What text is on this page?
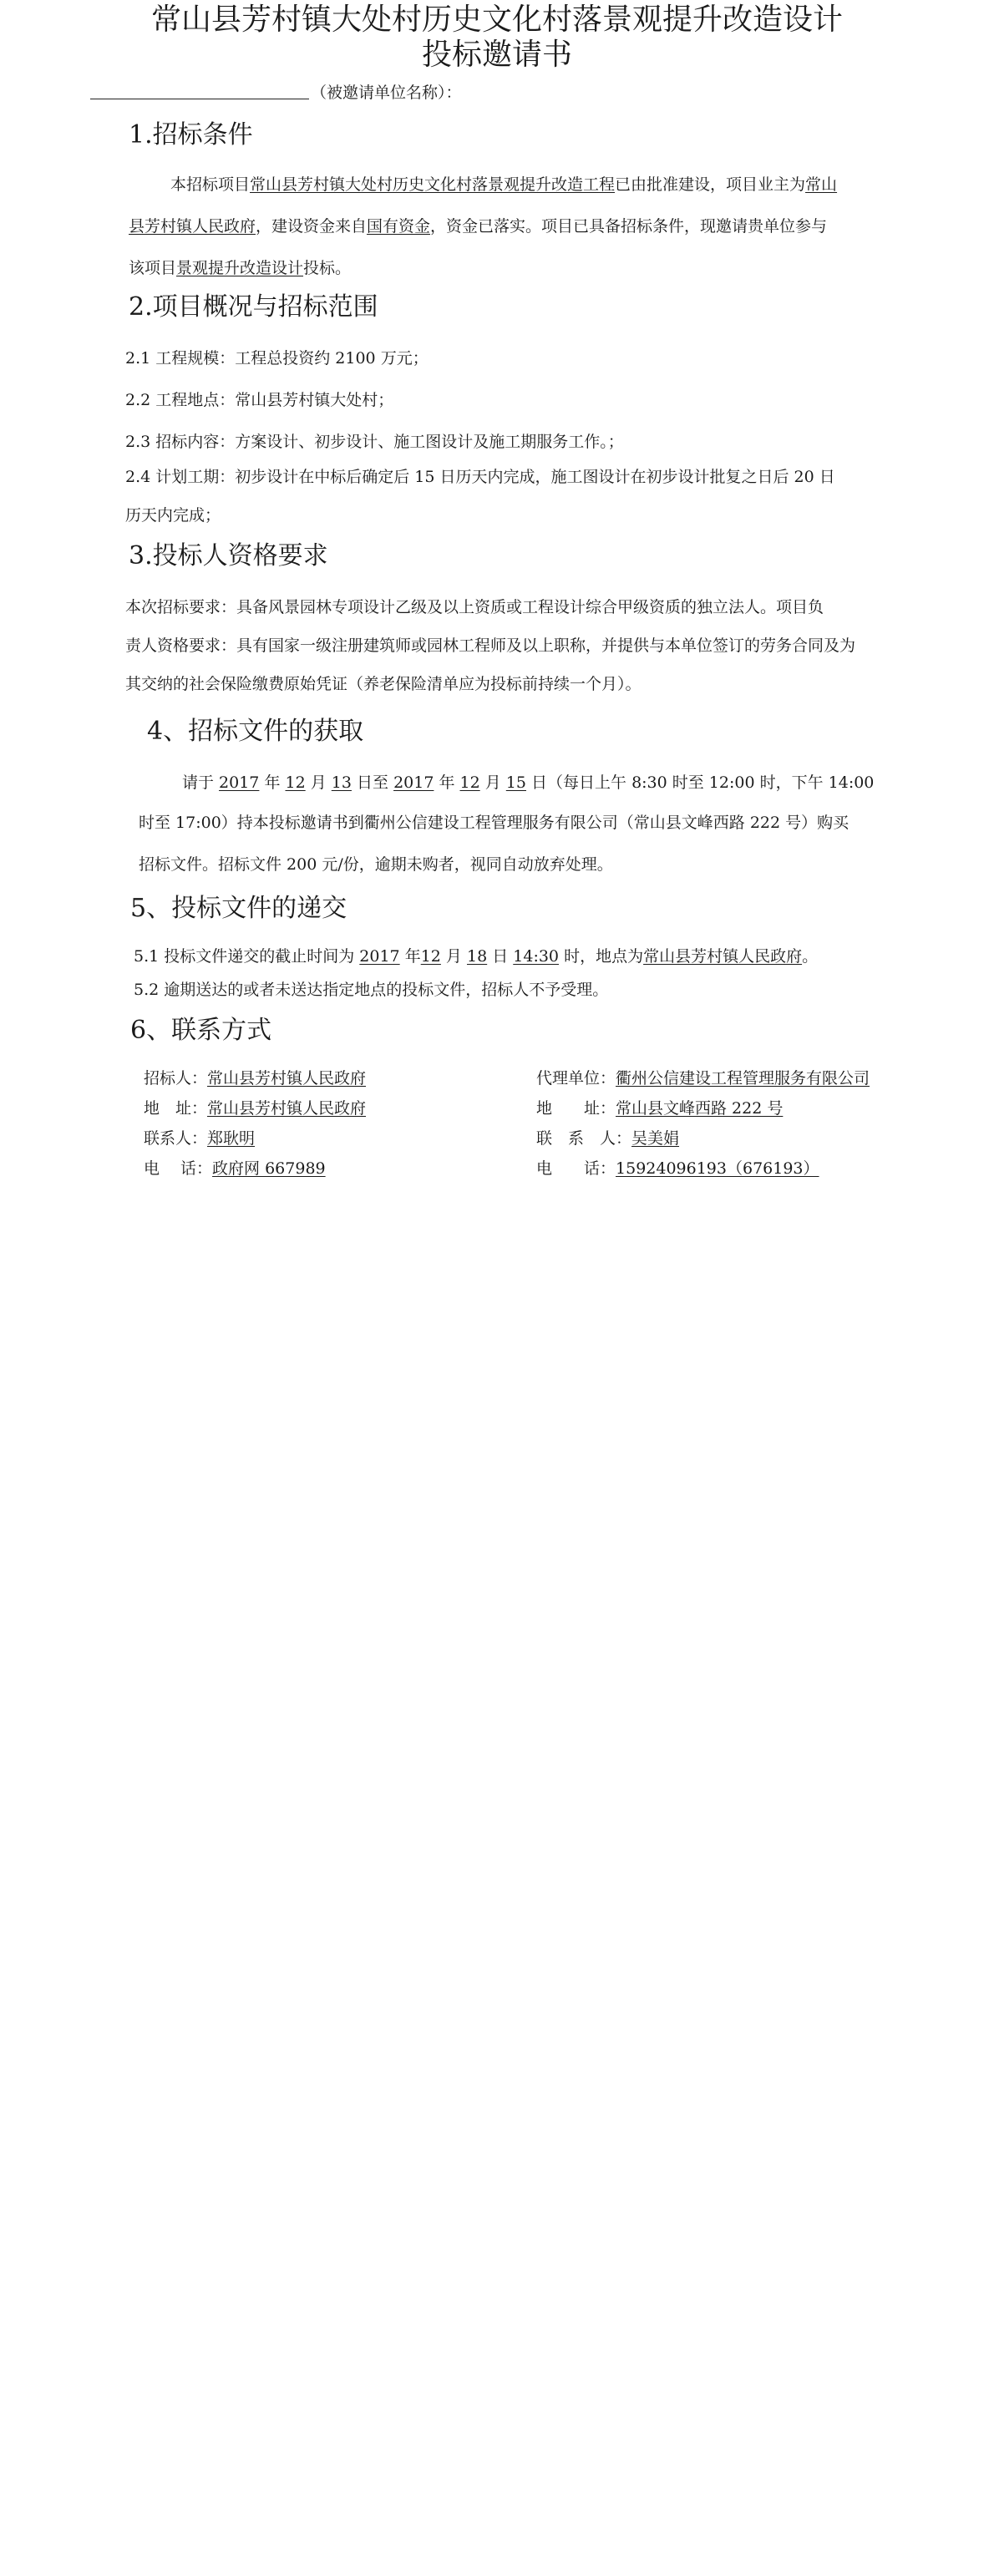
常山县芳村镇大处村历史文化村落景观提升改造设计
投标邀请书
（被邀请单位名称）：
1.招标条件
本招标项目常山县芳村镇大处村历史文化村落景观提升改造工程已由批准建设，项目业主为常山
县芳村镇人民政府，建设资金来自国有资金，资金已落实。项目已具备招标条件，现邀请贵单位参与
该项目景观提升改造设计投标。
2.项目概况与招标范围
2.1 工程规模：工程总投资约 2100 万元；
2.2 工程地点：常山县芳村镇大处村；
2.3 招标内容：方案设计、初步设计、施工图设计及施工期服务工作。；
2.4 计划工期：初步设计在中标后确定后 15 日历天内完成，施工图设计在初步设计批复之日后 20 日
历天内完成；
3.投标人资格要求
本次招标要求：具备风景园林专项设计乙级及以上资质或工程设计综合甲级资质的独立法人。项目负
责人资格要求：具有国家一级注册建筑师或园林工程师及以上职称，并提供与本单位签订的劳务合同及为
其交纳的社会保险缴费原始凭证（养老保险清单应为投标前持续一个月）。
4、招标文件的获取
请于 2017 年 12 月 13 日至 2017 年 12 月 15 日（每日上午 8:30 时至 12:00 时，下午 14:00
时至 17:00）持本投标邀请书到衢州公信建设工程管理服务有限公司（常山县文峰西路 222 号）购买
招标文件。招标文件 200 元/份，逾期未购者，视同自动放弃处理。
5、投标文件的递交
5.1 投标文件递交的截止时间为 2017 年12 月 18 日 14:30 时，地点为常山县芳村镇人民政府。
5.2 逾期送达的或者未送达指定地点的投标文件，招标人不予受理。
6、联系方式
招标人：常山县芳村镇人民政府
地　址：常山县芳村镇人民政府
联系人：郑耿明
电　 话：政府网 667989
代理单位：衢州公信建设工程管理服务有限公司
地　　址：常山县文峰西路 222 号
联　系　人：吴美娟
电　　话：15924096193（676193）
